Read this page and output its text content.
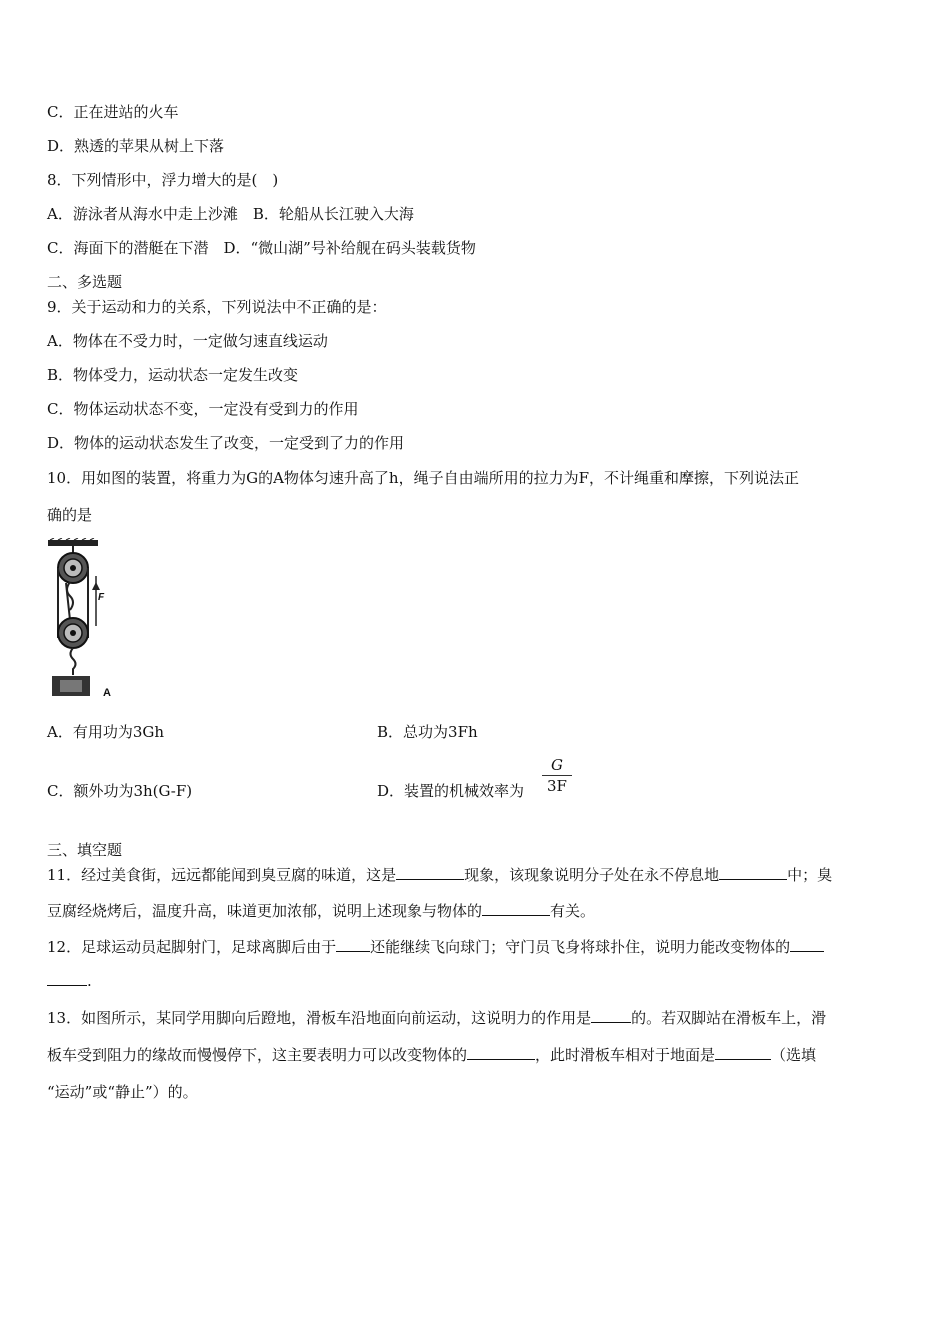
C．正在进站的火车
D．熟透的苹果从树上下落
8．下列情形中，浮力增大的是(　)
A．游泳者从海水中走上沙滩　B．轮船从长江驶入大海
C．海面下的潜艇在下潜　D．“微山湖”号补给舰在码头装载货物
二、多选题
9．关于运动和力的关系，下列说法中不正确的是：
A．物体在不受力时，一定做匀速直线运动
B．物体受力，运动状态一定发生改变
C．物体运动状态不变，一定没有受到力的作用
D．物体的运动状态发生了改变，一定受到了力的作用
10．用如图的装置，将重力为G的A物体匀速升高了h，绳子自由端所用的拉力为F，不计绳重和摩擦，下列说法正
确的是
F
A
A．有用功为3Gh	B．总功为3Fh
C．额外功为3h(G-F)	D．装置的机械效率为
G
3F
三、填空题
11．经过美食街，远远都能闻到臭豆腐的味道，这是	现象，该现象说明分子处在永不停息地	中；臭
豆腐经烧烤后，温度升高，味道更加浓郁，说明上述现象与物体的	有关。
12．足球运动员起脚射门，足球离脚后由于 还能继续飞向球门；守门员飞身将球扑住，说明力能改变物体的
.
13．如图所示，某同学用脚向后蹬地，滑板车沿地面向前运动，这说明力的作用是	的。若双脚站在滑板车上，滑
板车受到阻力的缘故而慢慢停下，这主要表明力可以改变物体的	，此时滑板车相对于地面是	（选填
“运动”或“静止”）的。
